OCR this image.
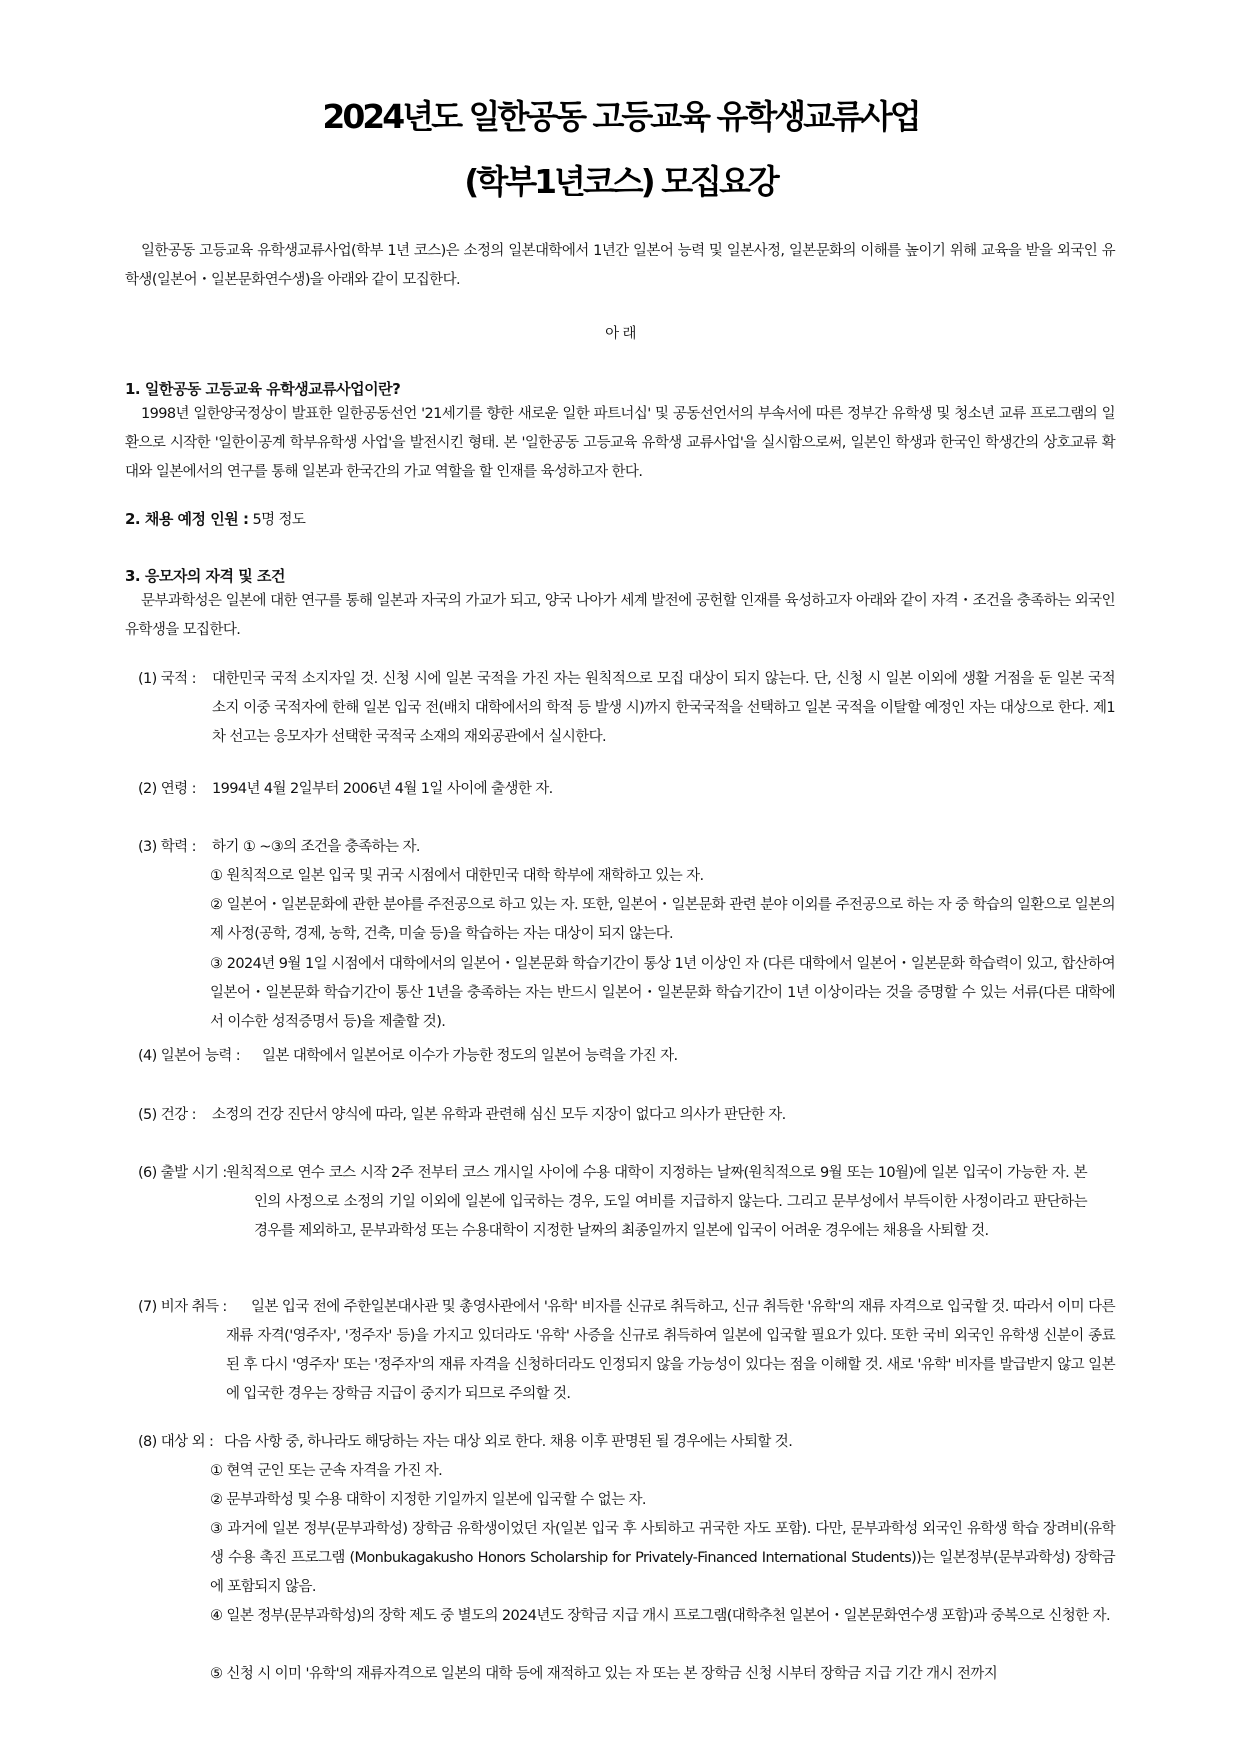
2024년도 일한공동 고등교육 유학생교류사업
(학부1년코스) 모집요강
일한공동 고등교육 유학생교류사업(학부 1년 코스)은 소정의 일본대학에서 1년간 일본어 능력 및 일본사정, 일본문화의 이해를 높이기 위해 교육을 받을 외국인 유학생(일본어・일본문화연수생)을 아래와 같이 모집한다.
아 래
1. 일한공동 고등교육 유학생교류사업이란?
1998년 일한양국정상이 발표한 일한공동선언 '21세기를 향한 새로운 일한 파트너십' 및 공동선언서의 부속서에 따른 정부간 유학생 및 청소년 교류 프로그램의 일환으로 시작한 '일한이공계 학부유학생 사업'을 발전시킨 형태. 본 '일한공동 고등교육 유학생 교류사업'을 실시함으로써, 일본인 학생과 한국인 학생간의 상호교류 확대와 일본에서의 연구를 통해 일본과 한국간의 가교 역할을 할 인재를 육성하고자 한다.
2. 채용 예정 인원 : 5명 정도
3. 응모자의 자격 및 조건
문부과학성은 일본에 대한 연구를 통해 일본과 자국의 가교가 되고, 양국 나아가 세계 발전에 공헌할 인재를 육성하고자 아래와 같이 자격・조건을 충족하는 외국인 유학생을 모집한다.
(1) 국적 : 대한민국 국적 소지자일 것. 신청 시에 일본 국적을 가진 자는 원칙적으로 모집 대상이 되지 않는다. 단, 신청 시 일본 이외에 생활 거점을 둔 일본 국적 소지 이중 국적자에 한해 일본 입국 전(배치 대학에서의 학적 등 발생 시)까지 한국국적을 선택하고 일본 국적을 이탈할 예정인 자는 대상으로 한다. 제1차 선고는 응모자가 선택한 국적국 소재의 재외공관에서 실시한다.
(2) 연령 : 1994년 4월 2일부터 2006년 4월 1일 사이에 출생한 자.
(3) 학력 : 하기 ① ~③의 조건을 충족하는 자.
① 원칙적으로 일본 입국 및 귀국 시점에서 대한민국 대학 학부에 재학하고 있는 자.
② 일본어・일본문화에 관한 분야를 주전공으로 하고 있는 자. 또한, 일본어・일본문화 관련 분야 이외를 주전공으로 하는 자 중 학습의 일환으로 일본의 제 사정(공학, 경제, 농학, 건축, 미술 등)을 학습하는 자는 대상이 되지 않는다.
③ 2024년 9월 1일 시점에서 대학에서의 일본어・일본문화 학습기간이 통상 1년 이상인 자 (다른 대학에서 일본어・일본문화 학습력이 있고, 합산하여 일본어・일본문화 학습기간이 통산 1년을 충족하는 자는 반드시 일본어・일본문화 학습기간이 1년 이상이라는 것을 증명할 수 있는 서류(다른 대학에서 이수한 성적증명서 등)을 제출할 것).
(4) 일본어 능력 : 일본 대학에서 일본어로 이수가 가능한 정도의 일본어 능력을 가진 자.
(5) 건강 : 소정의 건강 진단서 양식에 따라, 일본 유학과 관련해 심신 모두 지장이 없다고 의사가 판단한 자.
(6) 출발 시기 : 원칙적으로 연수 코스 시작 2주 전부터 코스 개시일 사이에 수용 대학이 지정하는 날짜(원칙적으로 9월 또는 10월)에 일본 입국이 가능한 자. 본인의 사정으로 소정의 기일 이외에 일본에 입국하는 경우, 도일 여비를 지급하지 않는다. 그리고 문부성에서 부득이한 사정이라고 판단하는 경우를 제외하고, 문부과학성 또는 수용대학이 지정한 날짜의 최종일까지 일본에 입국이 어려운 경우에는 채용을 사퇴할 것.
(7) 비자 취득 :	일본 입국 전에 주한일본대사관 및 총영사관에서 '유학' 비자를 신규로 취득하고, 신규 취득한 '유학'의 재류 자격으로 입국할 것. 따라서 이미 다른 재류 자격('영주자', '정주자' 등)을 가지고 있더라도 '유학' 사증을 신규로 취득하여 일본에 입국할 필요가 있다. 또한 국비 외국인 유학생 신분이 종료된 후 다시 '영주자' 또는 '정주자'의 재류 자격을 신청하더라도 인정되지 않을 가능성이 있다는 점을 이해할 것. 새로 '유학' 비자를 발급받지 않고 일본에 입국한 경우는 장학금 지급이 중지가 되므로 주의할 것.
(8) 대상 외 : 다음 사항 중, 하나라도 해당하는 자는 대상 외로 한다. 채용 이후 판명된 될 경우에는 사퇴할 것.
① 현역 군인 또는 군속 자격을 가진 자.
② 문부과학성 및 수용 대학이 지정한 기일까지 일본에 입국할 수 없는 자.
③ 과거에 일본 정부(문부과학성) 장학금 유학생이었던 자(일본 입국 후 사퇴하고 귀국한 자도 포함). 다만, 문부과학성 외국인 유학생 학습 장려비(유학생 수용 촉진 프로그램 (Monbukagakusho Honors Scholarship for Privately-Financed International Students))는 일본정부(문부과학성) 장학금에 포함되지 않음.
④ 일본 정부(문부과학성)의 장학 제도 중 별도의 2024년도 장학금 지급 개시 프로그램(대학추천 일본어・일본문화연수생 포함)과 중복으로 신청한 자.
⑤ 신청 시 이미 '유학'의 재류자격으로 일본의 대학 등에 재적하고 있는 자 또는 본 장학금 신청 시부터 장학금 지급 기간 개시 전까지
